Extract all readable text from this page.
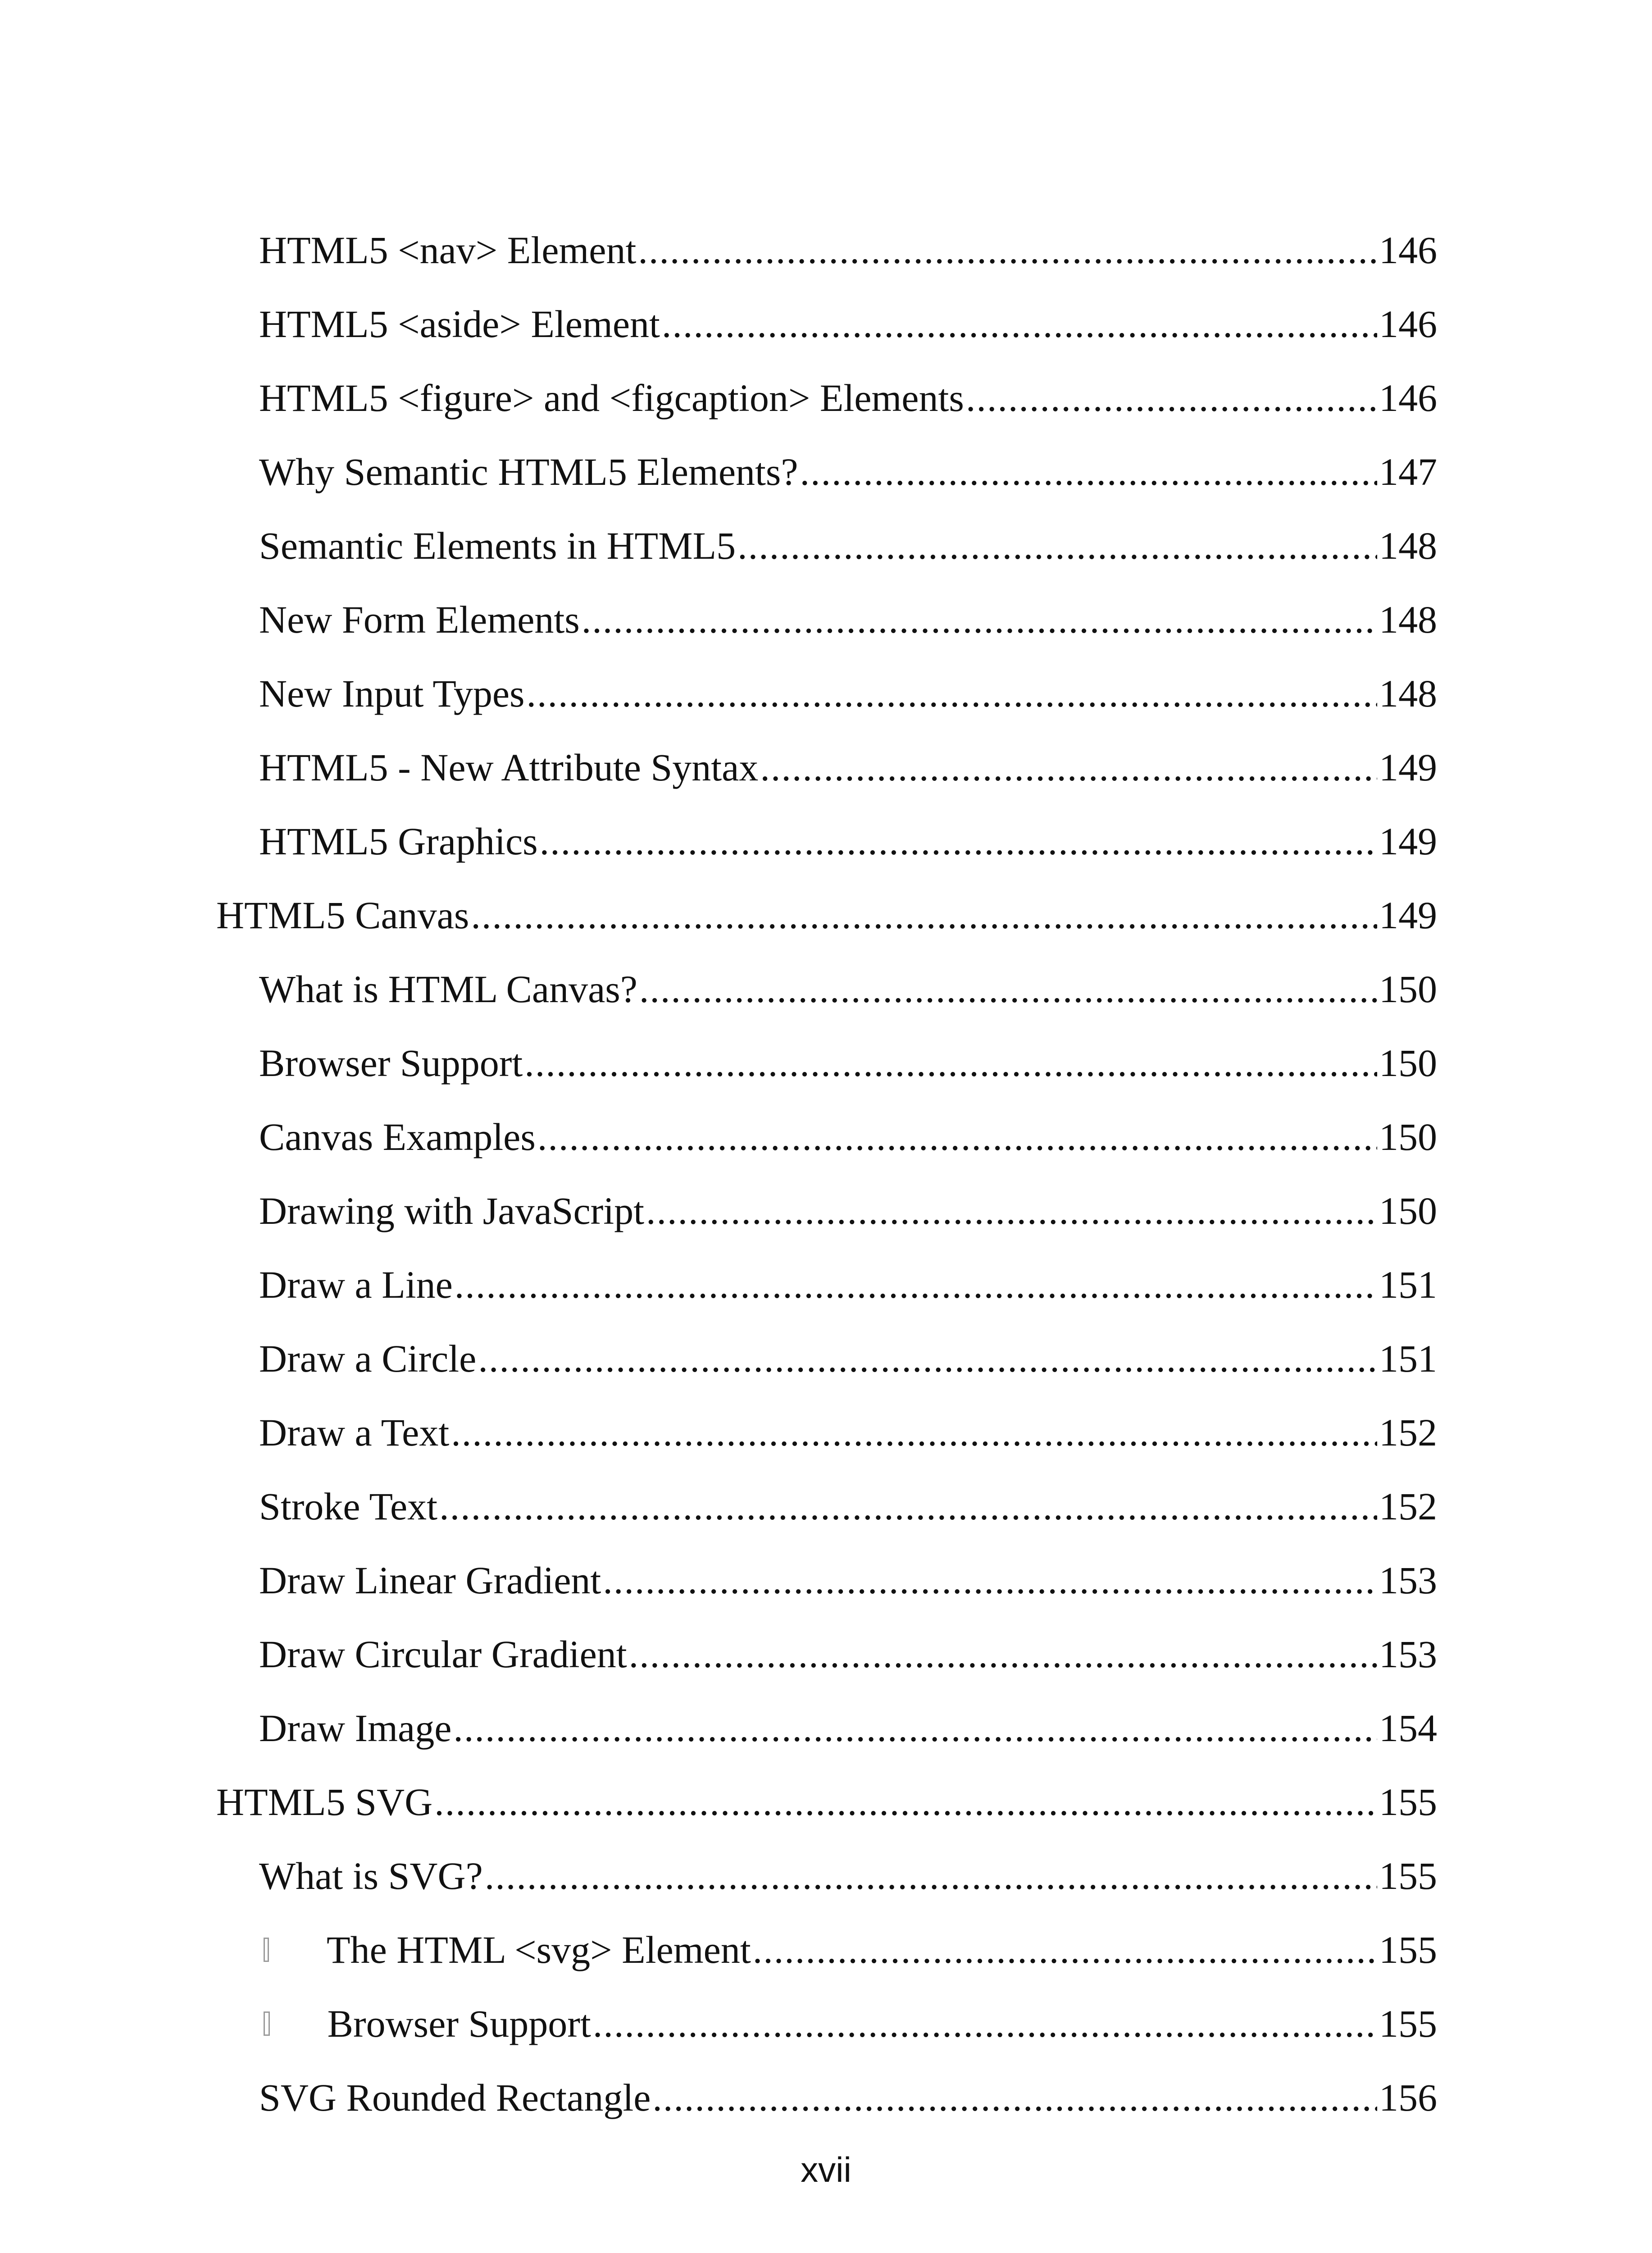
HTML5 <nav> Element .....	146
HTML5 <aside> Element .....	146
HTML5 <figure> and <figcaption> Elements .....	146
Why Semantic HTML5 Elements? .....	147
Semantic Elements in HTML5 .....	148
New Form Elements .....	148
New Input Types .....	148
HTML5 - New Attribute Syntax .....	149
HTML5 Graphics .....	149
HTML5 Canvas .....	149
What is HTML Canvas? .....	150
Browser Support .....	150
Canvas Examples .....	150
Drawing with JavaScript .....	150
Draw a Line .....	151
Draw a Circle .....	151
Draw a Text .....	152
Stroke Text .....	152
Draw Linear Gradient .....	153
Draw Circular Gradient .....	153
Draw Image .....	154
HTML5 SVG .....	155
What is SVG? .....	155
The HTML <svg> Element .....	155
Browser Support .....	155
SVG Rounded Rectangle .....	156
xvii
